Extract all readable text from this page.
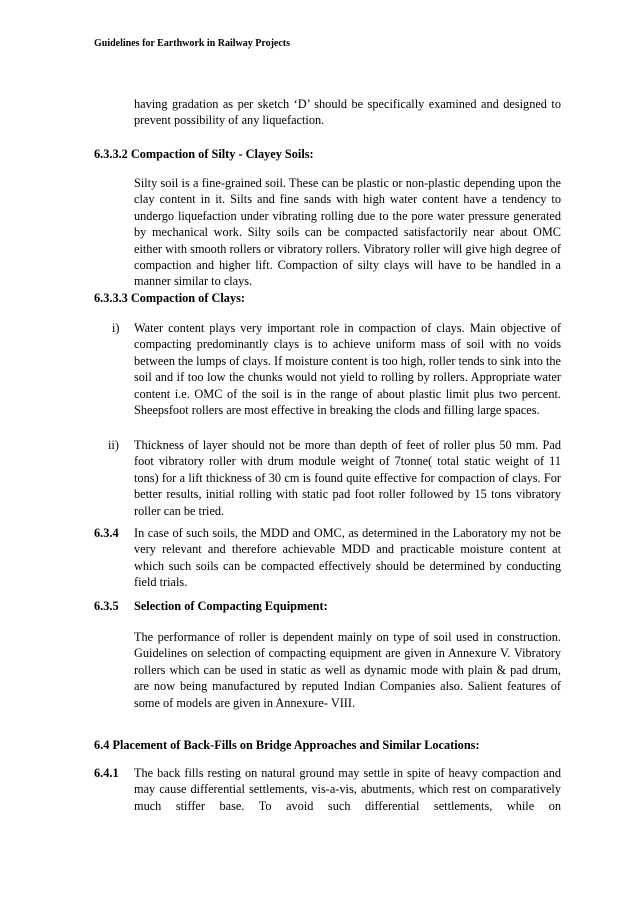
Guidelines for Earthwork in Railway Projects
having gradation as per sketch ‘D’ should be specifically examined and designed to prevent possibility of any liquefaction.
6.3.3.2 Compaction of Silty - Clayey Soils:
Silty soil is a fine-grained soil. These can be plastic or non-plastic depending upon the clay content in it. Silts and fine sands with high water content have a tendency to undergo liquefaction under vibrating rolling due to the pore water pressure generated by mechanical work. Silty soils can be compacted satisfactorily near about OMC either with smooth rollers or vibratory rollers. Vibratory roller will give high degree of compaction and higher lift. Compaction of silty clays will have to be handled in a manner similar to clays.
6.3.3.3 Compaction of Clays:
i) Water content plays very important role in compaction of clays. Main objective of compacting predominantly clays is to achieve uniform mass of soil with no voids between the lumps of clays. If moisture content is too high, roller tends to sink into the soil and if too low the chunks would not yield to rolling by rollers. Appropriate water content i.e. OMC of the soil is in the range of about plastic limit plus two percent. Sheepsfoot rollers are most effective in breaking the clods and filling large spaces.
ii) Thickness of layer should not be more than depth of feet of roller plus 50 mm. Pad foot vibratory roller with drum module weight of 7tonne( total static weight of 11 tons) for a lift thickness of 30 cm is found quite effective for compaction of clays. For better results, initial rolling with static pad foot roller followed by 15 tons vibratory roller can be tried.
6.3.4 In case of such soils, the MDD and OMC, as determined in the Laboratory my not be very relevant and therefore achievable MDD and practicable moisture content at which such soils can be compacted effectively should be determined by conducting field trials.
6.3.5 Selection of Compacting Equipment:
The performance of roller is dependent mainly on type of soil used in construction. Guidelines on selection of compacting equipment are given in Annexure V. Vibratory rollers which can be used in static as well as dynamic mode with plain & pad drum, are now being manufactured by reputed Indian Companies also. Salient features of some of models are given in Annexure- VIII.
6.4 Placement of Back-Fills on Bridge Approaches and Similar Locations:
6.4.1 The back fills resting on natural ground may settle in spite of heavy compaction and may cause differential settlements, vis-a-vis, abutments, which rest on comparatively much stiffer base. To avoid such differential settlements, while on
